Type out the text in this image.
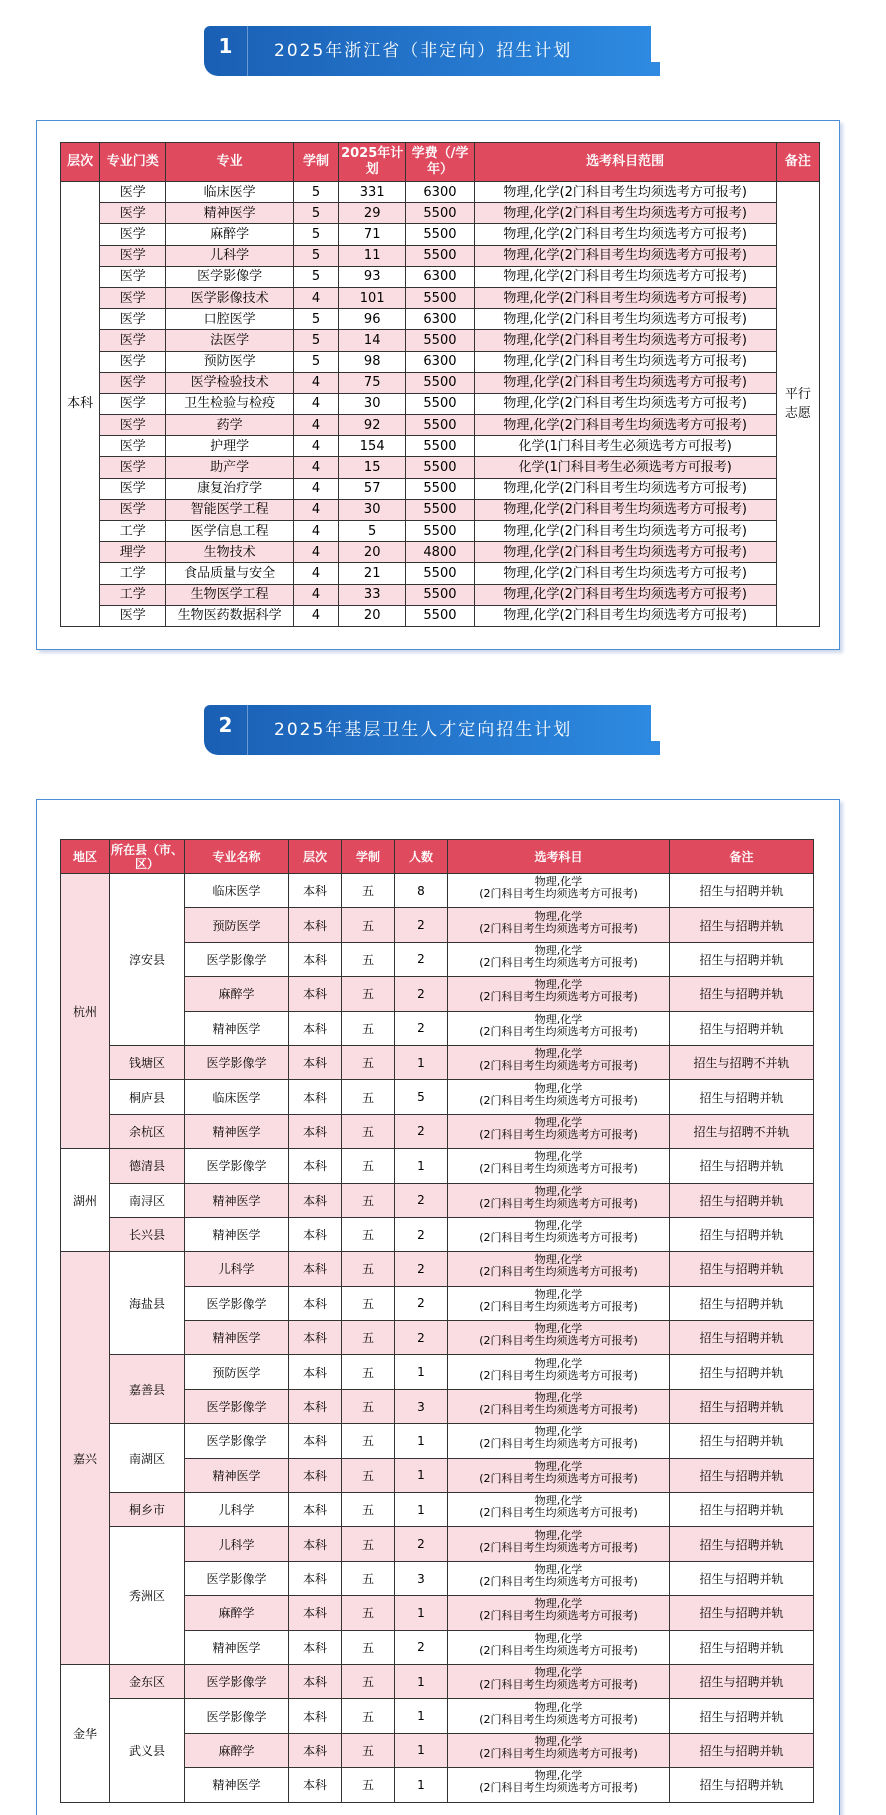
1	2025年浙江省（非定向）招生计划
层次	专业门类	专业	学制	2025年计划	学费（/学年）	选考科目范围	备注
本科	医学	临床医学	5	331	6300	物理,化学(2门科目考生均须选考方可报考)	平行志愿
	医学	精神医学	5	29	5500	物理,化学(2门科目考生均须选考方可报考)	
	医学	麻醉学	5	71	5500	物理,化学(2门科目考生均须选考方可报考)	
	医学	儿科学	5	11	5500	物理,化学(2门科目考生均须选考方可报考)	
	医学	医学影像学	5	93	6300	物理,化学(2门科目考生均须选考方可报考)	
	医学	医学影像技术	4	101	5500	物理,化学(2门科目考生均须选考方可报考)	
	医学	口腔医学	5	96	6300	物理,化学(2门科目考生均须选考方可报考)	
	医学	法医学	5	14	5500	物理,化学(2门科目考生均须选考方可报考)	
	医学	预防医学	5	98	6300	物理,化学(2门科目考生均须选考方可报考)	
	医学	医学检验技术	4	75	5500	物理,化学(2门科目考生均须选考方可报考)	
	医学	卫生检验与检疫	4	30	5500	物理,化学(2门科目考生均须选考方可报考)	
	医学	药学	4	92	5500	物理,化学(2门科目考生均须选考方可报考)	
	医学	护理学	4	154	5500	化学(1门科目考生必须选考方可报考)	
	医学	助产学	4	15	5500	化学(1门科目考生必须选考方可报考)	
	医学	康复治疗学	4	57	5500	物理,化学(2门科目考生均须选考方可报考)	
	医学	智能医学工程	4	30	5500	物理,化学(2门科目考生均须选考方可报考)	
	工学	医学信息工程	4	5	5500	物理,化学(2门科目考生均须选考方可报考)	
	理学	生物技术	4	20	4800	物理,化学(2门科目考生均须选考方可报考)	
	工学	食品质量与安全	4	21	5500	物理,化学(2门科目考生均须选考方可报考)	
	工学	生物医学工程	4	33	5500	物理,化学(2门科目考生均须选考方可报考)	
	医学	生物医药数据科学	4	20	5500	物理,化学(2门科目考生均须选考方可报考)	
2	2025年基层卫生人才定向招生计划
地区	所在县（市、区）	专业名称	层次	学制	人数	选考科目	备注
杭州	淳安县	临床医学	本科	五	8	物理,化学
(2门科目考生均须选考方可报考)	招生与招聘并轨
		预防医学	本科	五	2	物理,化学
(2门科目考生均须选考方可报考)	招生与招聘并轨
		医学影像学	本科	五	2	物理,化学
(2门科目考生均须选考方可报考)	招生与招聘并轨
		麻醉学	本科	五	2	物理,化学
(2门科目考生均须选考方可报考)	招生与招聘并轨
		精神医学	本科	五	2	物理,化学
(2门科目考生均须选考方可报考)	招生与招聘并轨
	钱塘区	医学影像学	本科	五	1	物理,化学
(2门科目考生均须选考方可报考)	招生与招聘不并轨
	桐庐县	临床医学	本科	五	5	物理,化学
(2门科目考生均须选考方可报考)	招生与招聘并轨
	余杭区	精神医学	本科	五	2	物理,化学
(2门科目考生均须选考方可报考)	招生与招聘不并轨
湖州	德清县	医学影像学	本科	五	1	物理,化学
(2门科目考生均须选考方可报考)	招生与招聘并轨
	南浔区	精神医学	本科	五	2	物理,化学
(2门科目考生均须选考方可报考)	招生与招聘并轨
	长兴县	精神医学	本科	五	2	物理,化学
(2门科目考生均须选考方可报考)	招生与招聘并轨
嘉兴	海盐县	儿科学	本科	五	2	物理,化学
(2门科目考生均须选考方可报考)	招生与招聘并轨
		医学影像学	本科	五	2	物理,化学
(2门科目考生均须选考方可报考)	招生与招聘并轨
		精神医学	本科	五	2	物理,化学
(2门科目考生均须选考方可报考)	招生与招聘并轨
	嘉善县	预防医学	本科	五	1	物理,化学
(2门科目考生均须选考方可报考)	招生与招聘并轨
		医学影像学	本科	五	3	物理,化学
(2门科目考生均须选考方可报考)	招生与招聘并轨
	南湖区	医学影像学	本科	五	1	物理,化学
(2门科目考生均须选考方可报考)	招生与招聘并轨
		精神医学	本科	五	1	物理,化学
(2门科目考生均须选考方可报考)	招生与招聘并轨
	桐乡市	儿科学	本科	五	1	物理,化学
(2门科目考生均须选考方可报考)	招生与招聘并轨
	秀洲区	儿科学	本科	五	2	物理,化学
(2门科目考生均须选考方可报考)	招生与招聘并轨
		医学影像学	本科	五	3	物理,化学
(2门科目考生均须选考方可报考)	招生与招聘并轨
		麻醉学	本科	五	1	物理,化学
(2门科目考生均须选考方可报考)	招生与招聘并轨
		精神医学	本科	五	2	物理,化学
(2门科目考生均须选考方可报考)	招生与招聘并轨
金华	金东区	医学影像学	本科	五	1	物理,化学
(2门科目考生均须选考方可报考)	招生与招聘并轨
	武义县	医学影像学	本科	五	1	物理,化学
(2门科目考生均须选考方可报考)	招生与招聘并轨
		麻醉学	本科	五	1	物理,化学
(2门科目考生均须选考方可报考)	招生与招聘并轨
		精神医学	本科	五	1	物理,化学
(2门科目考生均须选考方可报考)	招生与招聘并轨
